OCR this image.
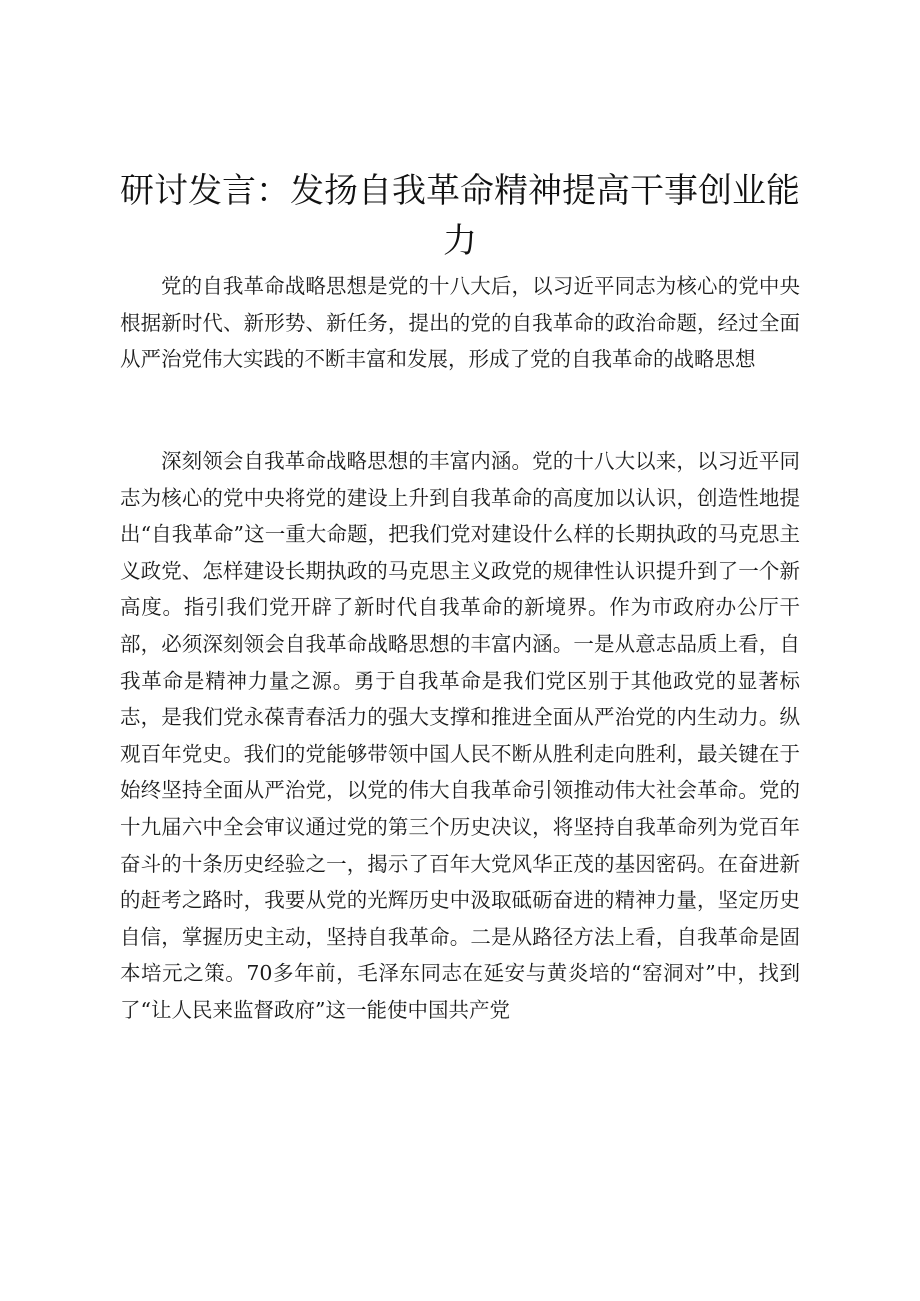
研讨发言：发扬自我革命精神提高干事创业能力

党的自我革命战略思想是党的十八大后，以习近平同志为核心的党中央根据新时代、新形势、新任务，提出的党的自我革命的政治命题，经过全面从严治党伟大实践的不断丰富和发展，形成了党的自我革命的战略思想

深刻领会自我革命战略思想的丰富内涵。党的十八大以来，以习近平同志为核心的党中央将党的建设上升到自我革命的高度加以认识，创造性地提出“自我革命”这一重大命题，把我们党对建设什么样的长期执政的马克思主义政党、怎样建设长期执政的马克思主义政党的规律性认识提升到了一个新高度。指引我们党开辟了新时代自我革命的新境界。作为市政府办公厅干部，必须深刻领会自我革命战略思想的丰富内涵。一是从意志品质上看，自我革命是精神力量之源。勇于自我革命是我们党区别于其他政党的显著标志，是我们党永葆青春活力的强大支撑和推进全面从严治党的内生动力。纵观百年党史。我们的党能够带领中国人民不断从胜利走向胜利，最关键在于始终坚持全面从严治党，以党的伟大自我革命引领推动伟大社会革命。党的十九届六中全会审议通过党的第三个历史决议，将坚持自我革命列为党百年奋斗的十条历史经验之一，揭示了百年大党风华正茂的基因密码。在奋进新的赶考之路时，我要从党的光辉历史中汲取砥砺奋进的精神力量，坚定历史自信，掌握历史主动，坚持自我革命。二是从路径方法上看，自我革命是固本培元之策。70多年前，毛泽东同志在延安与黄炎培的“窑洞对”中，找到了“让人民来监督政府”这一能使中国共产党
